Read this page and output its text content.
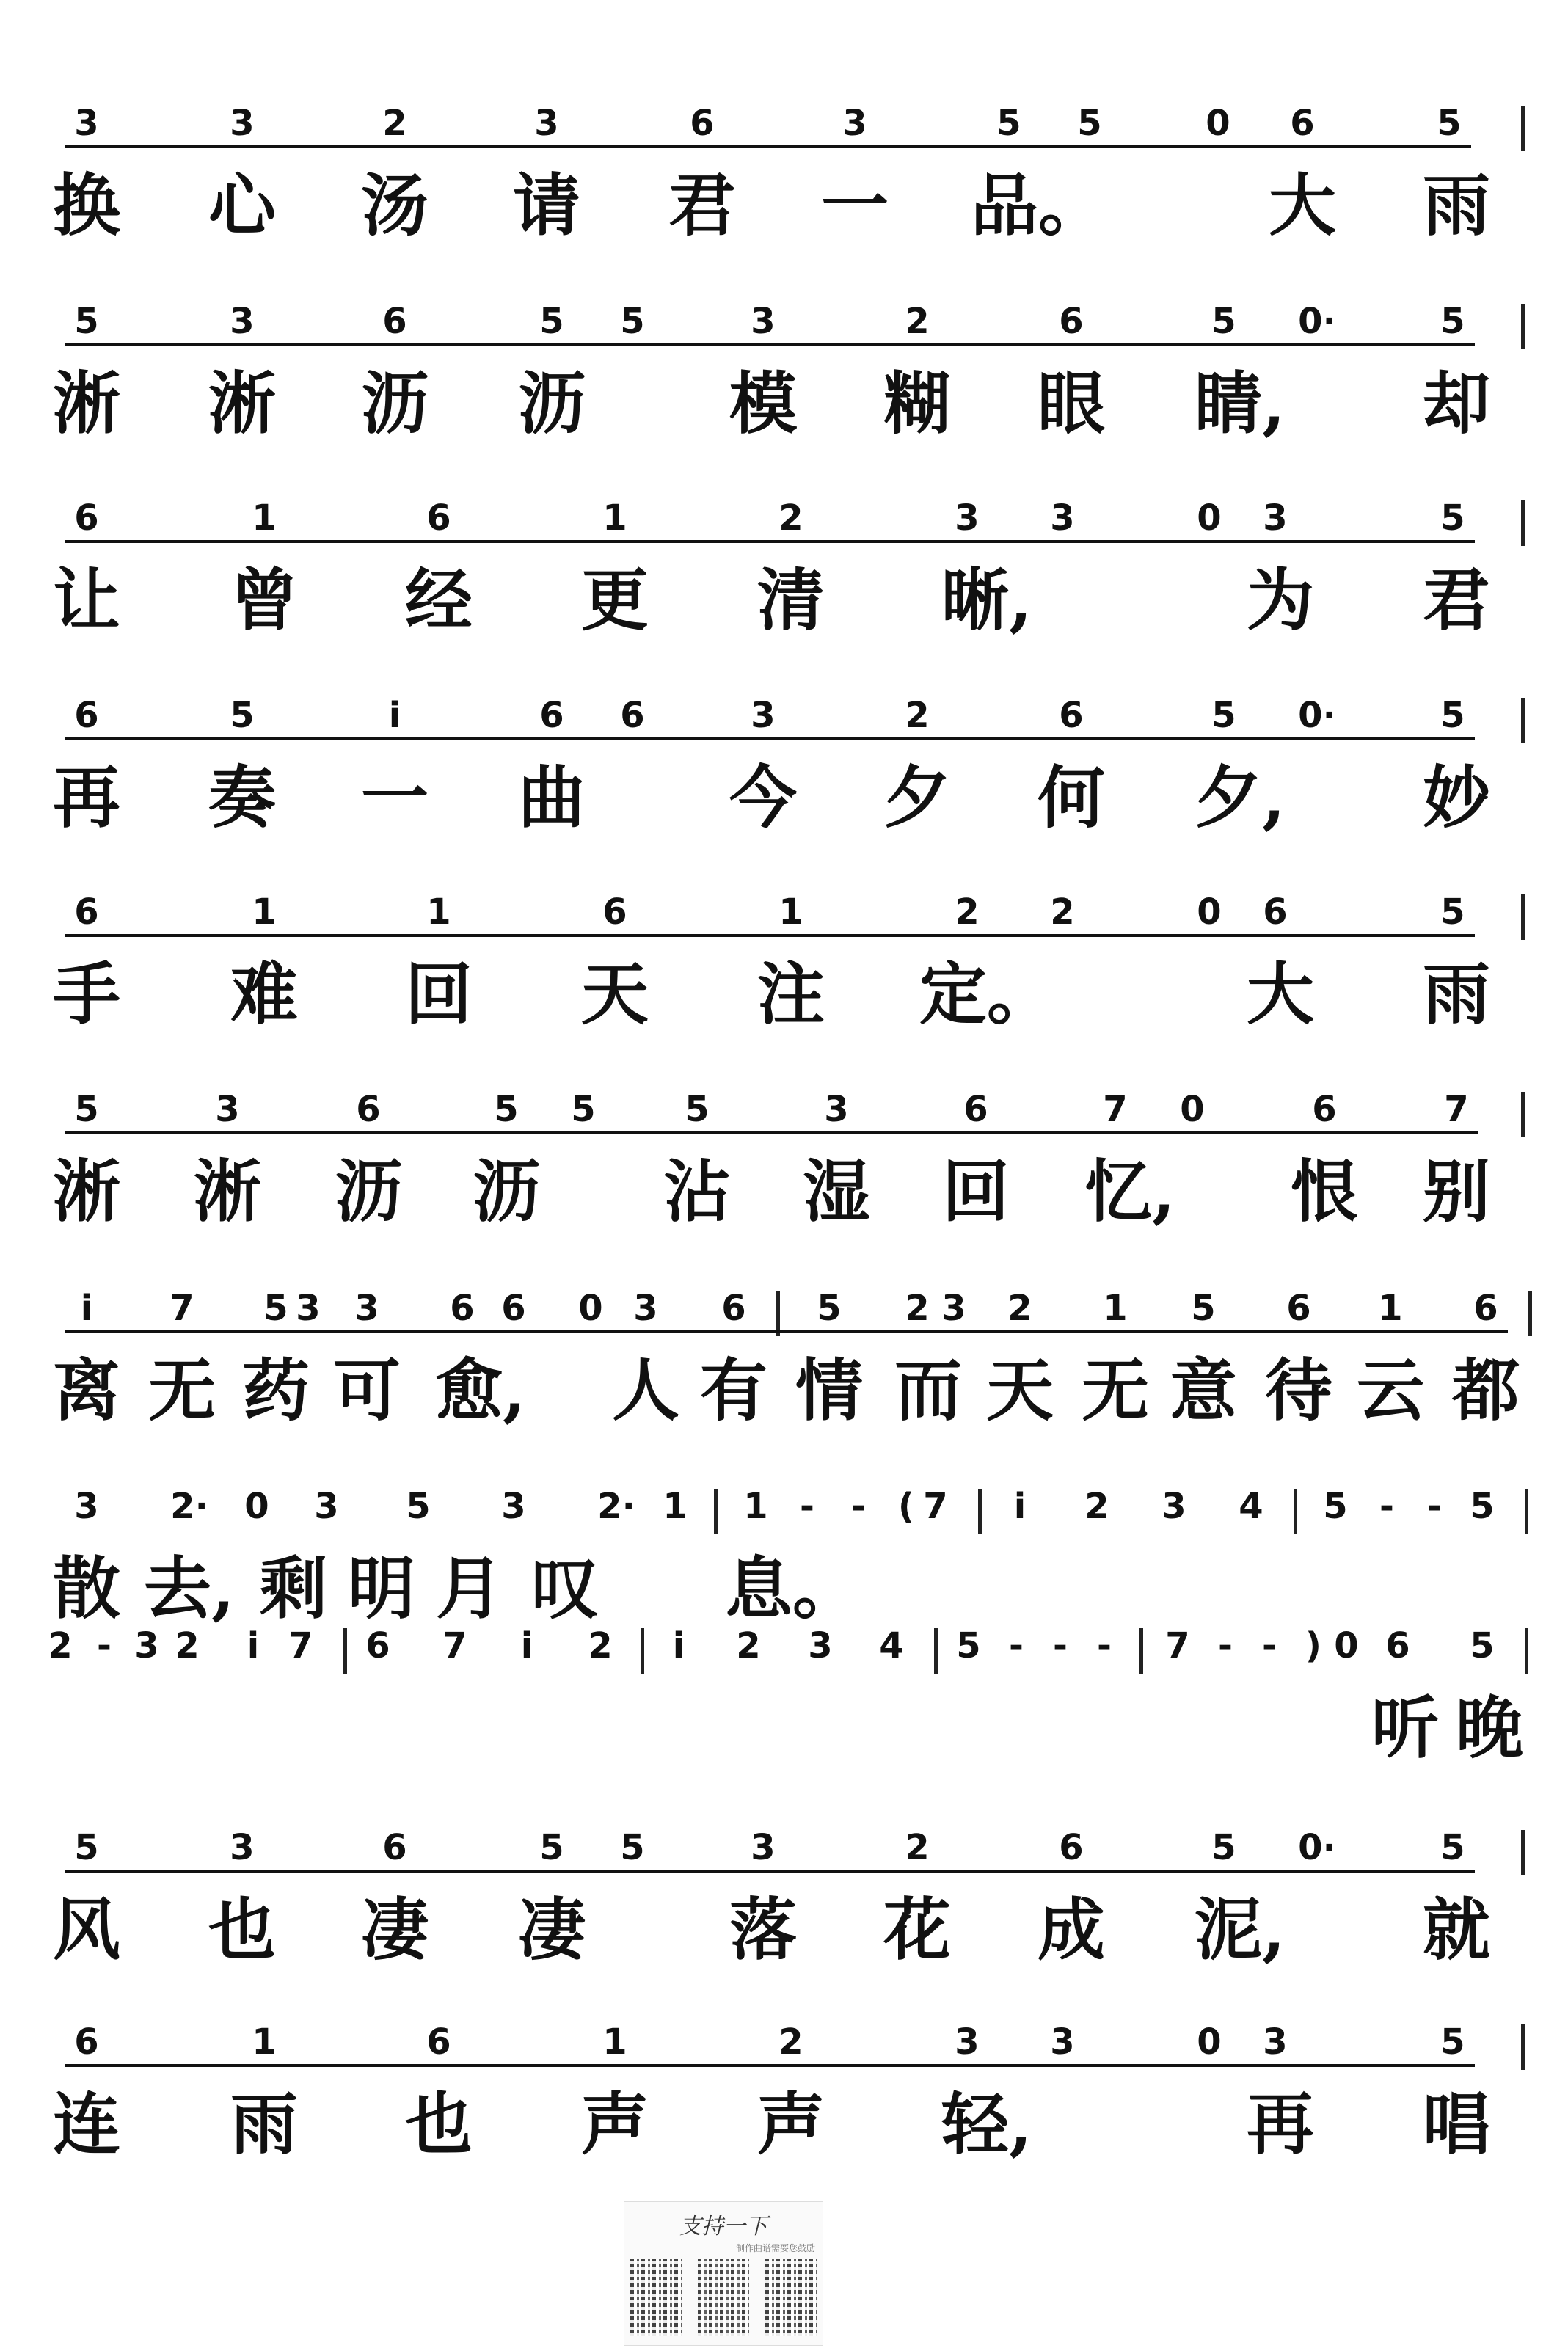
3	3	2	3	6	3	5 5	0 6	5
换 心 汤 请 君 一 品。 大 雨
5	3	6	5 5	3	2	6	5 0·	5
淅 淅 沥 沥 模 糊 眼 睛, 却
6	1	6	1	2	3 3	0 3	5
让 曾 经 更 清 晰,	为 君
6	5	i	6 6	3	2	6	5 0·	5
再 奏 一 曲 今 夕 何 夕, 妙
6	1	1	6	1	2 2	0 6	5
手 难 回 天 注 定。	大 雨
5	3	6	5 5	5	3	6	7 0	6	7
淅 淅 沥 沥 沾 湿 回 忆, 恨 别
i 7 5 3 3 6 6 0 3 6 5 2 3 2 1 5 6 1 6
离 无 药 可 愈, 人 有 情 而 天 无 意 待 云 都
3 2· 0 3 5 3 2· 1 1 - - ( 7 i 2 3 4 5 - - 5
散 去, 剩 明 月 叹 息。
2 - 3 2 i 7 6 7 i 2 i 2 3 4 5 - - - 7 - - ) 0 6 5
听 晚
5	3	6	5 5	3	2	6	5 0·	5
风 也 凄 凄 落 花 成 泥, 就
6	1	6	1	2	3 3	0 3	5
连 雨 也 声 声 轻,	再 唱
支持一下
制作曲谱需要您鼓励
